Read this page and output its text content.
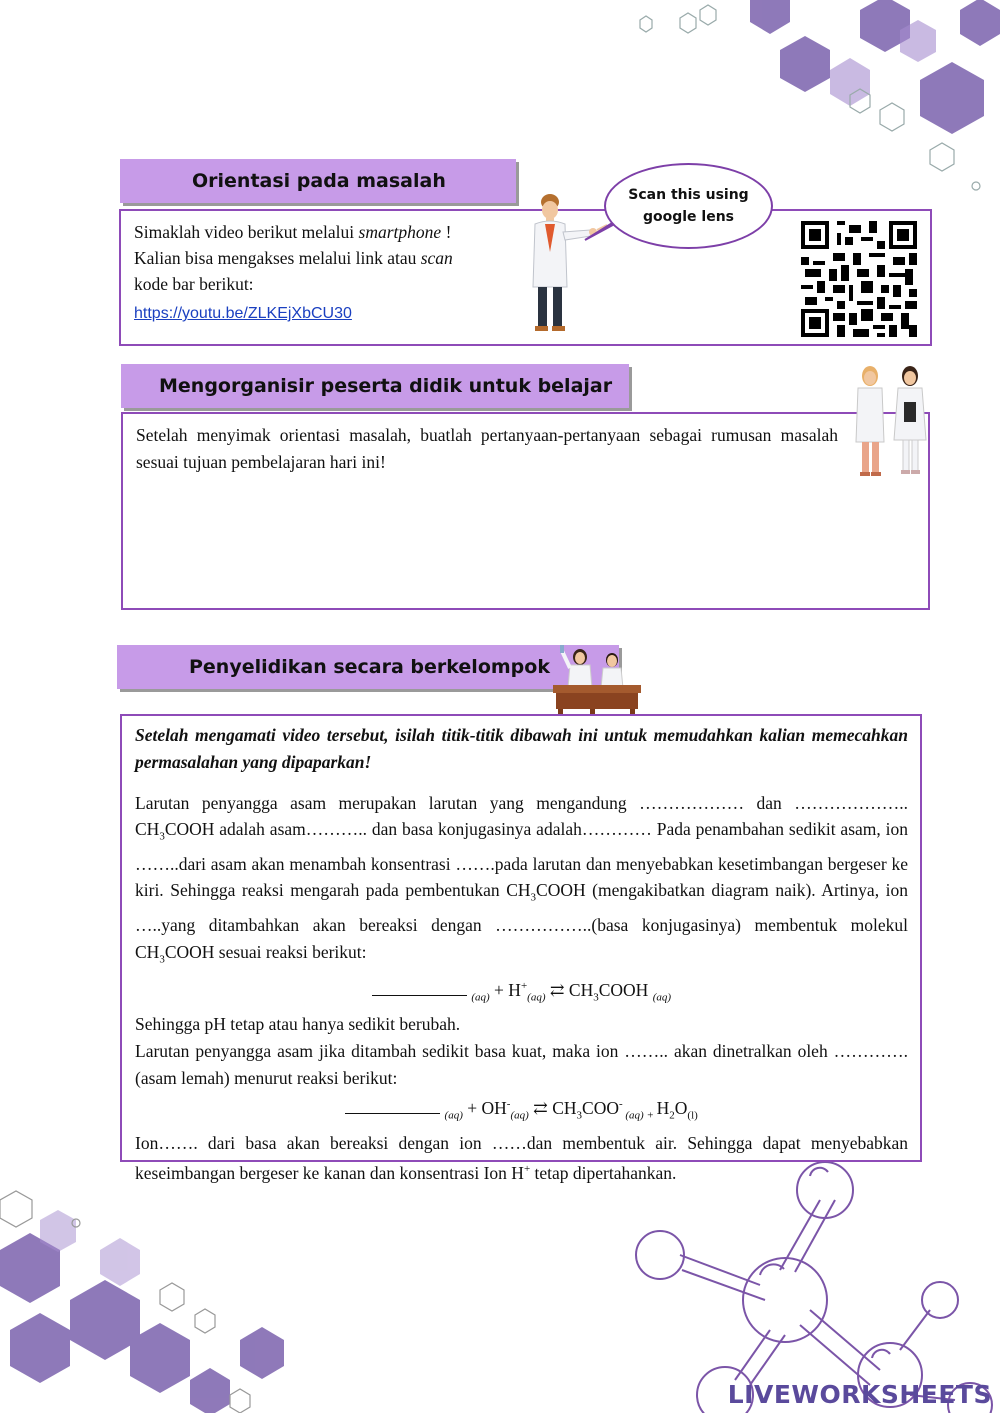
Orientasi pada masalah
Simaklah video berikut melalui smartphone !
Kalian bisa mengakses melalui link atau scan
kode bar berikut:
https://youtu.be/ZLKEjXbCU30
Scan this using
google lens
Mengorganisir peserta didik untuk belajar

Setelah menyimak orientasi masalah, buatlah pertanyaan-pertanyaan sebagai rumusan masalah sesuai tujuan pembelajaran hari ini!

Penyelidikan secara berkelompok

Setelah mengamati video tersebut, isilah titik-titik dibawah ini untuk memudahkan kalian memecahkan permasalahan yang dipaparkan!

Larutan penyangga asam merupakan larutan yang mengandung ……………… dan ……………….. $CH_3COOH$ adalah asam……….. dan basa konjugasinya adalah………… Pada penambahan sedikit asam, ion ……..dari asam akan menambah konsentrasi …….pada larutan dan menyebabkan kesetimbangan bergeser ke kiri. Sehingga reaksi mengarah pada pembentukan $CH_3COOH$ (mengakibatkan diagram naik). Artinya, ion …..yang ditambahkan akan bereaksi dengan ……………..(basa konjugasinya) membentuk molekul $CH_3COOH$ sesuai reaksi berikut:

$_{(aq)} + H^+_{(aq)}$ ⇄ $CH_3COOH$ $_{(aq)}$

Sehingga pH tetap atau hanya sedikit berubah.

Larutan penyangga asam jika ditambah sedikit basa kuat, maka ion …….. akan dinetralkan oleh ………….(asam lemah) menurut reaksi berikut:

$_{(aq)} + OH^-_{(aq)}$ ⇄ $CH_3COO^-$ $_{(aq) +}$ $H_2O_{(l)}$

Ion……. dari basa akan bereaksi dengan ion ……dan membentuk air. Sehingga dapat menyebabkan keseimbangan bergeser ke kanan dan konsentrasi Ion H+ tetap dipertahankan.

LIVEWORKSHEETS
